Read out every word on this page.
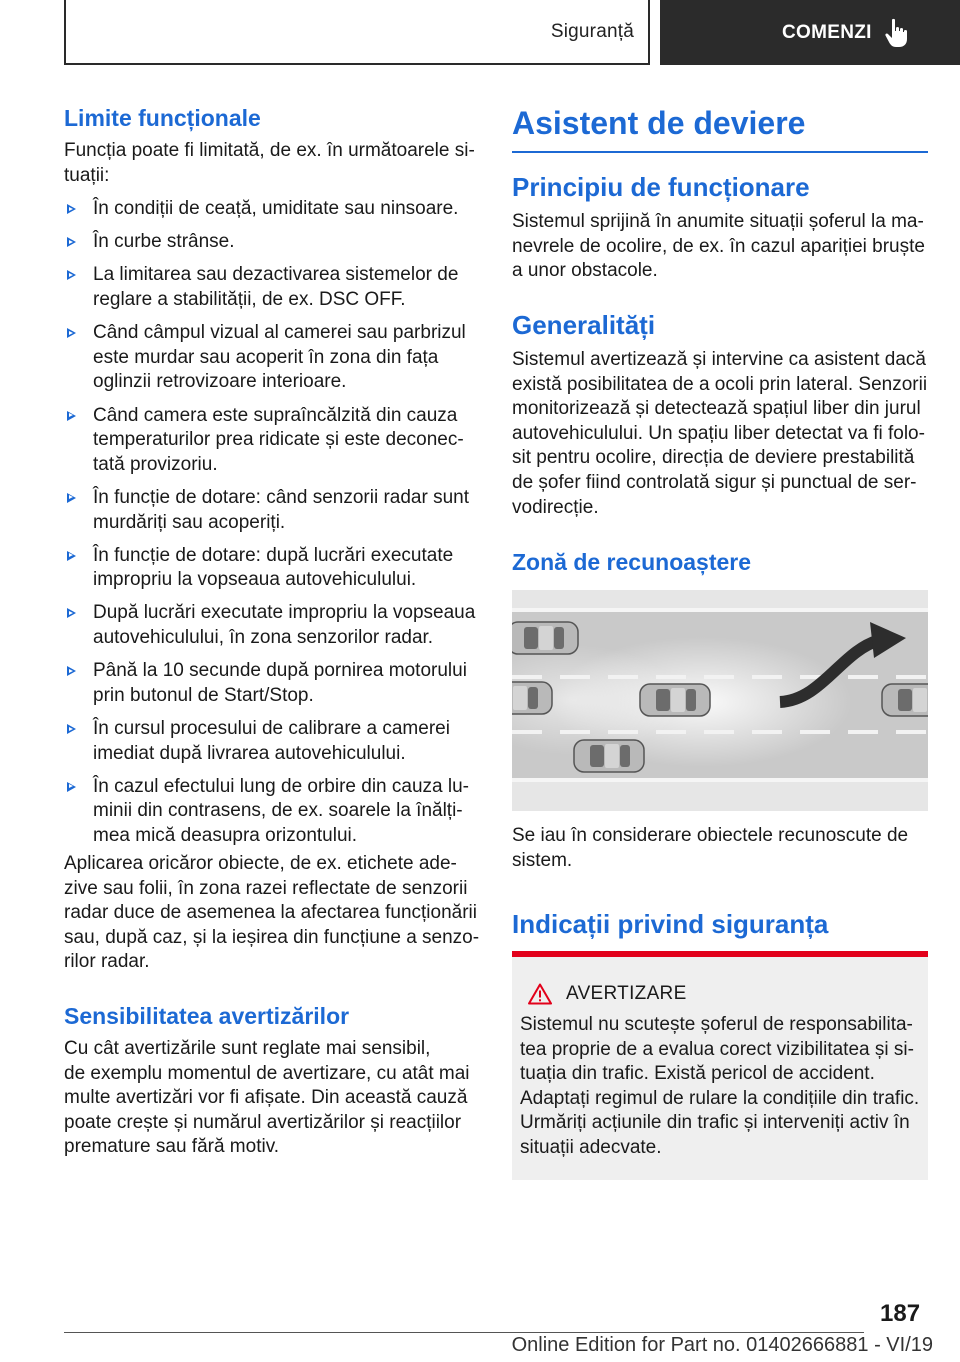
Siguranță	COMENZI
Limite funcționale
Funcția poate fi limitată, de ex. în următoarele si-
tuații:
În condiții de ceață, umiditate sau ninsoare.
În curbe strânse.
La limitarea sau dezactivarea sistemelor de
reglare a stabilității, de ex. DSC OFF.
Când câmpul vizual al camerei sau parbrizul
este murdar sau acoperit în zona din fața
oglinzii retrovizoare interioare.
Când camera este supraîncălzită din cauza
temperaturilor prea ridicate și este deconec-
tată provizoriu.
În funcție de dotare: când senzorii radar sunt
murdăriți sau acoperiți.
În funcție de dotare: după lucrări executate
impropriu la vopseaua autovehiculului.
După lucrări executate impropriu la vopseaua
autovehiculului, în zona senzorilor radar.
Până la 10 secunde după pornirea motorului
prin butonul de Start/Stop.
În cursul procesului de calibrare a camerei
imediat după livrarea autovehiculului.
În cazul efectului lung de orbire din cauza lu-
minii din contrasens, de ex. soarele la înălți-
mea mică deasupra orizontului.
Aplicarea oricăror obiecte, de ex. etichete ade-
zive sau folii, în zona razei reflectate de senzorii
radar duce de asemenea la afectarea funcționării
sau, după caz, și la ieșirea din funcțiune a senzo-
rilor radar.
Sensibilitatea avertizărilor
Cu cât avertizările sunt reglate mai sensibil,
de exemplu momentul de avertizare, cu atât mai
multe avertizări vor fi afișate. Din această cauză
poate crește și numărul avertizărilor și reacțiilor
premature sau fără motiv.
Asistent de deviere
Principiu de funcționare
Sistemul sprijină în anumite situații șoferul la ma-
nevrele de ocolire, de ex. în cazul apariției bruște
a unor obstacole.
Generalități
Sistemul avertizează și intervine ca asistent dacă
există posibilitatea de a ocoli prin lateral. Senzorii
monitorizează și detectează spațiul liber din jurul
autovehiculului. Un spațiu liber detectat va fi folo-
sit pentru ocolire, direcția de deviere prestabilită
de șofer fiind controlată sigur și punctual de ser-
vodirecție.
Zonă de recunoaștere
Se iau în considerare obiectele recunoscute de
sistem.
Indicații privind siguranța
AVERTIZARE
Sistemul nu scutește șoferul de responsabilita-
tea proprie de a evalua corect vizibilitatea și si-
tuația din trafic. Există pericol de accident.
Adaptați regimul de rulare la condițiile din trafic.
Urmăriți acțiunile din trafic și interveniți activ în
situații adecvate.
187
Online Edition for Part no. 01402666881 - VI/19
